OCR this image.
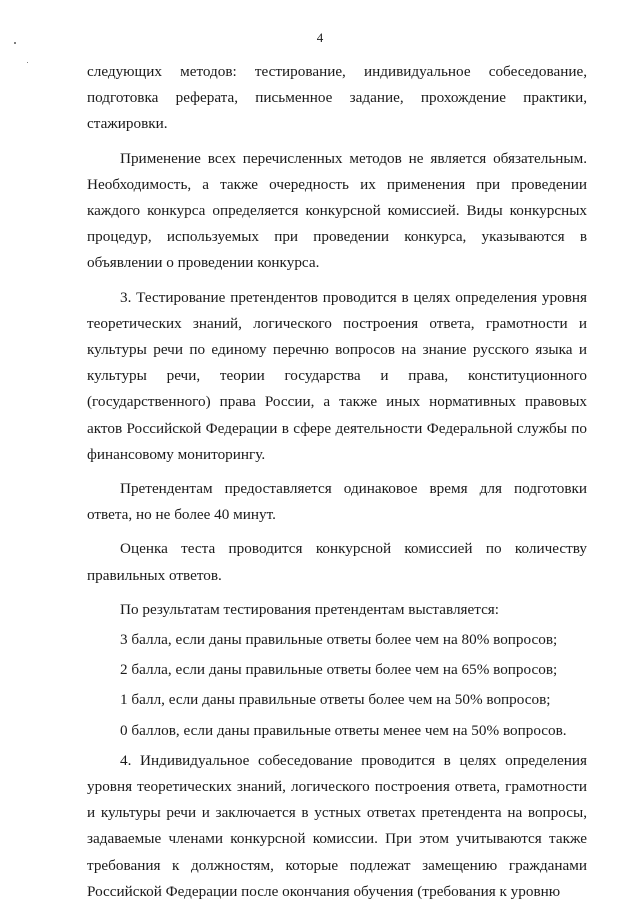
4

следующих методов: тестирование, индивидуальное собеседование, подготовка реферата, письменное задание, прохождение практики, стажировки.

Применение всех перечисленных методов не является обязательным. Необходимость, а также очередность их применения при проведении каждого конкурса определяется конкурсной комиссией. Виды конкурсных процедур, используемых при проведении конкурса, указываются в объявлении о проведении конкурса.

3. Тестирование претендентов проводится в целях определения уровня теоретических знаний, логического построения ответа, грамотности и культуры речи по единому перечню вопросов на знание русского языка и культуры речи, теории государства и права, конституционного (государственного) права России, а также иных нормативных правовых актов Российской Федерации в сфере деятельности Федеральной службы по финансовому мониторингу.

Претендентам предоставляется одинаковое время для подготовки ответа, но не более 40 минут.

Оценка теста проводится конкурсной комиссией по количеству правильных ответов.

По результатам тестирования претендентам выставляется:

3 балла, если даны правильные ответы более чем на 80% вопросов;

2 балла, если даны правильные ответы более чем на 65% вопросов;

1 балл, если даны правильные ответы более чем на 50% вопросов;

0 баллов, если даны правильные ответы менее чем на 50% вопросов.

4. Индивидуальное собеседование проводится в целях определения уровня теоретических знаний, логического построения ответа, грамотности и культуры речи и заключается в устных ответах претендента на вопросы, задаваемые членами конкурсной комиссии. При этом учитываются также требования к должностям, которые подлежат замещению гражданами Российской Федерации после окончания обучения (требования к уровню
